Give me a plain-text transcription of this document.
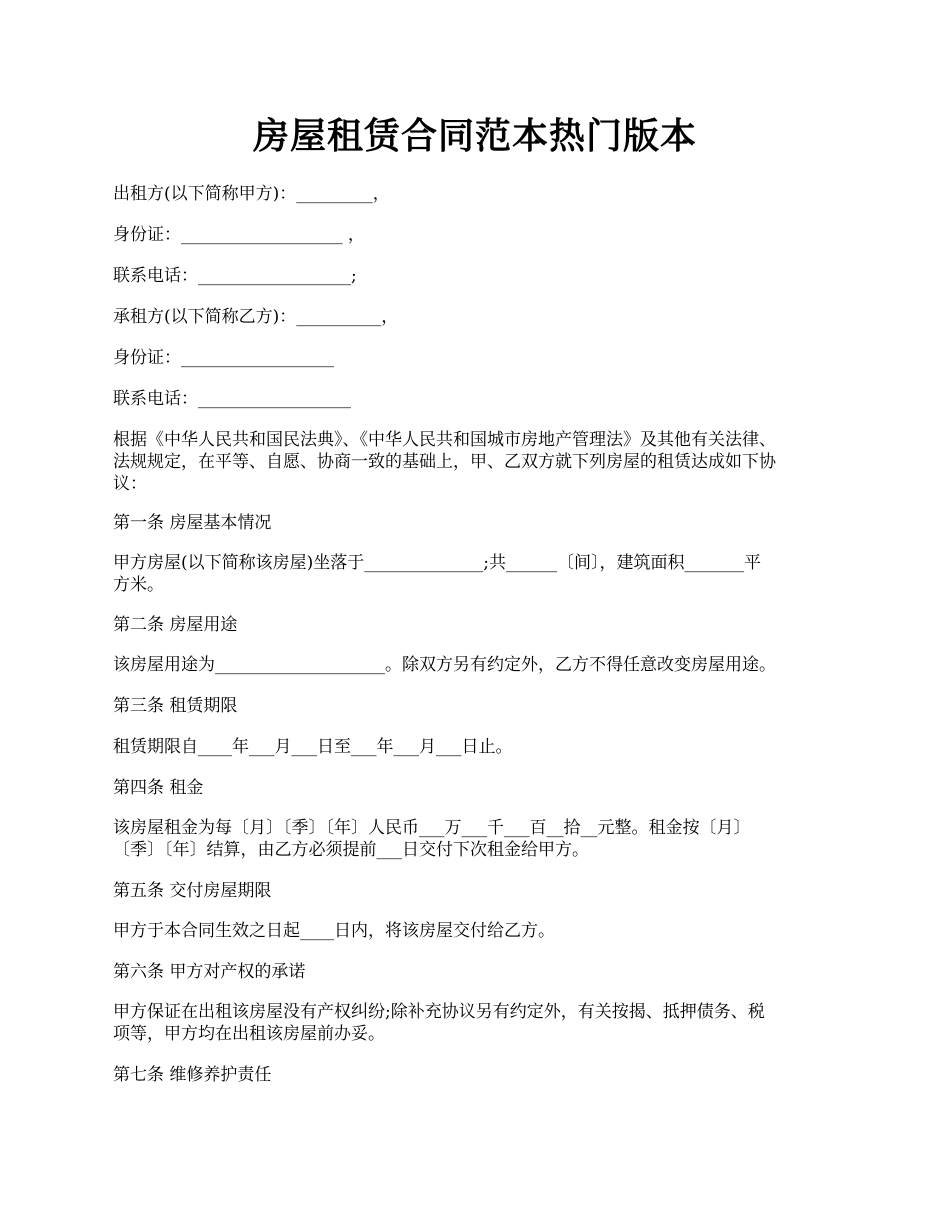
房屋租赁合同范本热门版本
出租方(以下简称甲方)：_________，
身份证：___________________ ，
联系电话：__________________;
承租方(以下简称乙方)：__________，
身份证：__________________
联系电话：__________________
根据《中华人民共和国民法典》、《中华人民共和国城市房地产管理法》及其他有关法律、
法规规定，在平等、自愿、协商一致的基础上，甲、乙双方就下列房屋的租赁达成如下协
议：
第一条 房屋基本情况
甲方房屋(以下简称该房屋)坐落于______________;共______〔间〕，建筑面积_______平
方米。
第二条 房屋用途
该房屋用途为____________________。除双方另有约定外，乙方不得任意改变房屋用途。
第三条 租赁期限
租赁期限自____年___月___日至___年___月___日止。
第四条 租金
该房屋租金为每〔月〕〔季〕〔年〕人民币___万___千___百__拾__元整。租金按〔月〕
〔季〕〔年〕结算，由乙方必须提前___日交付下次租金给甲方。
第五条 交付房屋期限
甲方于本合同生效之日起____日内，将该房屋交付给乙方。
第六条 甲方对产权的承诺
甲方保证在出租该房屋没有产权纠纷;除补充协议另有约定外，有关按揭、抵押债务、税
项等，甲方均在出租该房屋前办妥。
第七条 维修养护责任
